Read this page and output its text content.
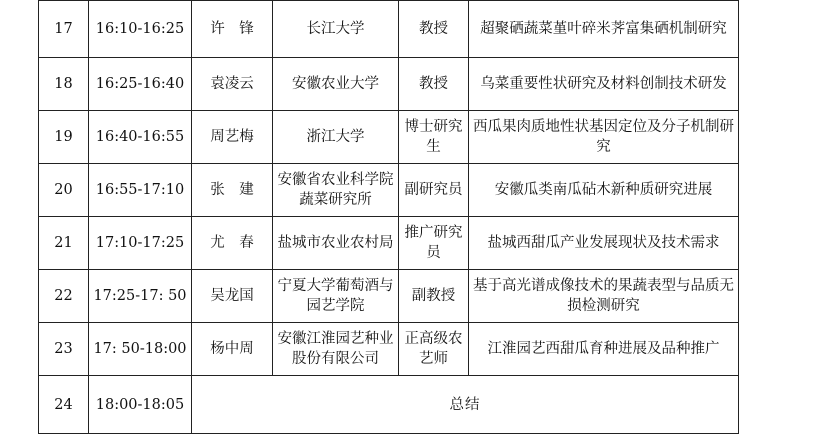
17	16:10-16:25	许　锋	长江大学	教授	超聚硒蔬菜堇叶碎米荠富集硒机制研究
18	16:25-16:40	袁凌云	安徽农业大学	教授	乌菜重要性状研究及材料创制技术研发
19	16:40-16:55	周艺梅	浙江大学	博士研究生	西瓜果肉质地性状基因定位及分子机制研究
20	16:55-17:10	张　建	安徽省农业科学院蔬菜研究所	副研究员	安徽瓜类南瓜砧木新种质研究进展
21	17:10-17:25	尤　春	盐城市农业农村局	推广研究员	盐城西甜瓜产业发展现状及技术需求
22	17:25-17: 50	吴龙国	宁夏大学葡萄酒与园艺学院	副教授	基于高光谱成像技术的果蔬表型与品质无损检测研究
23	17: 50-18:00	杨中周	安徽江淮园艺种业股份有限公司	正高级农艺师	江淮园艺西甜瓜育种进展及品种推广
24	18:00-18:05	总结			
